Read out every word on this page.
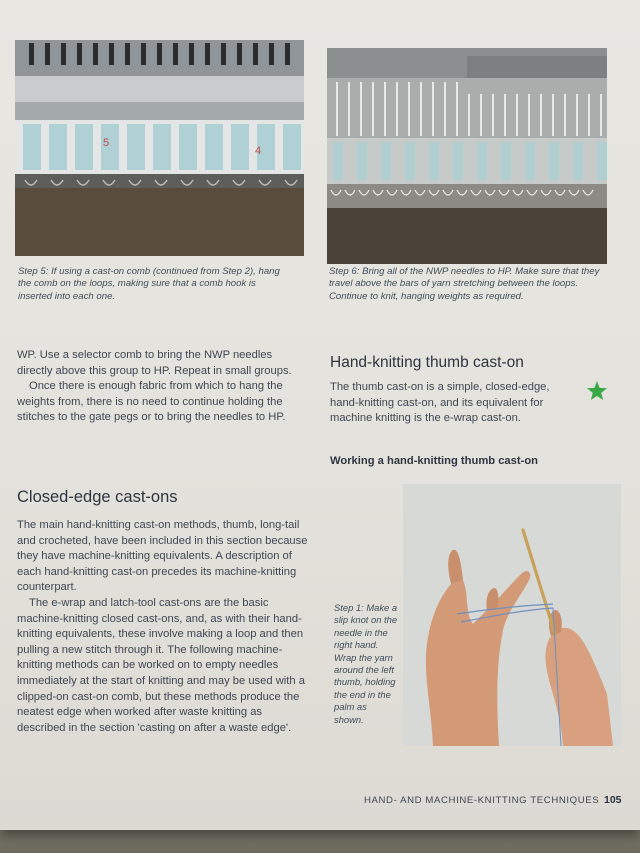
5
4
Step 5: If using a cast-on comb (continued from Step 2), hang the comb on the loops, making sure that a comb hook is inserted into each one.
Step 6: Bring all of the NWP needles to HP. Make sure that they travel above the bars of yarn stretching between the loops. Continue to knit, hanging weights as required.

WP. Use a selector comb to bring the NWP needles directly above this group to HP. Repeat in small groups.

Once there is enough fabric from which to hang the weights from, there is no need to continue holding the stitches to the gate pegs or to bring the needles to HP.

Closed-edge cast-ons

The main hand-knitting cast-on methods, thumb, long-tail and crocheted, have been included in this section because they have machine-knitting equivalents. A description of each hand-knitting cast-on precedes its machine-knitting counterpart.

The e-wrap and latch-tool cast-ons are the basic machine-knitting closed cast-ons, and, as with their hand-knitting equivalents, these involve making a loop and then pulling a new stitch through it. The following machine-knitting methods can be worked on to empty needles immediately at the start of knitting and may be used with a clipped-on cast-on comb, but these methods produce the neatest edge when worked after waste knitting as described in the section 'casting on after a waste edge'.

Hand-knitting thumb cast-on
The thumb cast-on is a simple, closed-edge, hand-knitting cast-on, and its equivalent for machine knitting is the e-wrap cast-on.
Working a hand-knitting thumb cast-on
Step 1: Make a slip knot on the needle in the right hand. Wrap the yarn around the left thumb, holding the end in the palm as shown.
HAND- AND MACHINE-KNITTING TECHNIQUES 105
